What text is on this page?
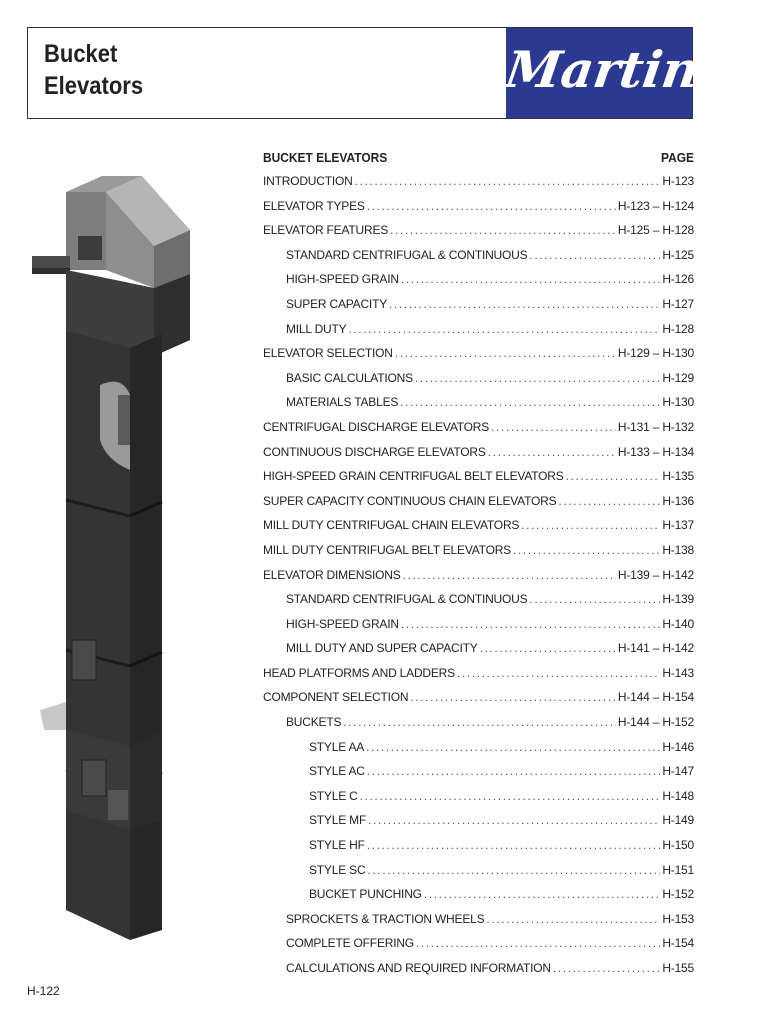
Bucket
Elevators	Martin
BUCKET ELEVATORS	PAGE
INTRODUCTION .....	H-123
ELEVATOR TYPES .....	H-123 – H-124
ELEVATOR FEATURES .....	H-125 – H-128
STANDARD CENTRIFUGAL & CONTINUOUS .....	H-125
HIGH-SPEED GRAIN .....	H-126
SUPER CAPACITY .....	H-127
MILL DUTY .....	H-128
ELEVATOR SELECTION .....	H-129 – H-130
BASIC CALCULATIONS .....	H-129
MATERIALS TABLES .....	H-130
CENTRIFUGAL DISCHARGE ELEVATORS .....	H-131 – H-132
CONTINUOUS DISCHARGE ELEVATORS .....	H-133 – H-134
HIGH-SPEED GRAIN CENTRIFUGAL BELT ELEVATORS .....	H-135
SUPER CAPACITY CONTINUOUS CHAIN ELEVATORS .....	H-136
MILL DUTY CENTRIFUGAL CHAIN ELEVATORS .....	H-137
MILL DUTY CENTRIFUGAL BELT ELEVATORS .....	H-138
ELEVATOR DIMENSIONS .....	H-139 – H-142
STANDARD CENTRIFUGAL & CONTINUOUS .....	H-139
HIGH-SPEED GRAIN .....	H-140
MILL DUTY AND SUPER CAPACITY .....	H-141 – H-142
HEAD PLATFORMS AND LADDERS .....	H-143
COMPONENT SELECTION .....	H-144 – H-154
BUCKETS .....	H-144 – H-152
STYLE AA .....	H-146
STYLE AC .....	H-147
STYLE C .....	H-148
STYLE MF .....	H-149
STYLE HF .....	H-150
STYLE SC .....	H-151
BUCKET PUNCHING .....	H-152
SPROCKETS & TRACTION WHEELS .....	H-153
COMPLETE OFFERING .....	H-154
CALCULATIONS AND REQUIRED INFORMATION .....	H-155
H-122
